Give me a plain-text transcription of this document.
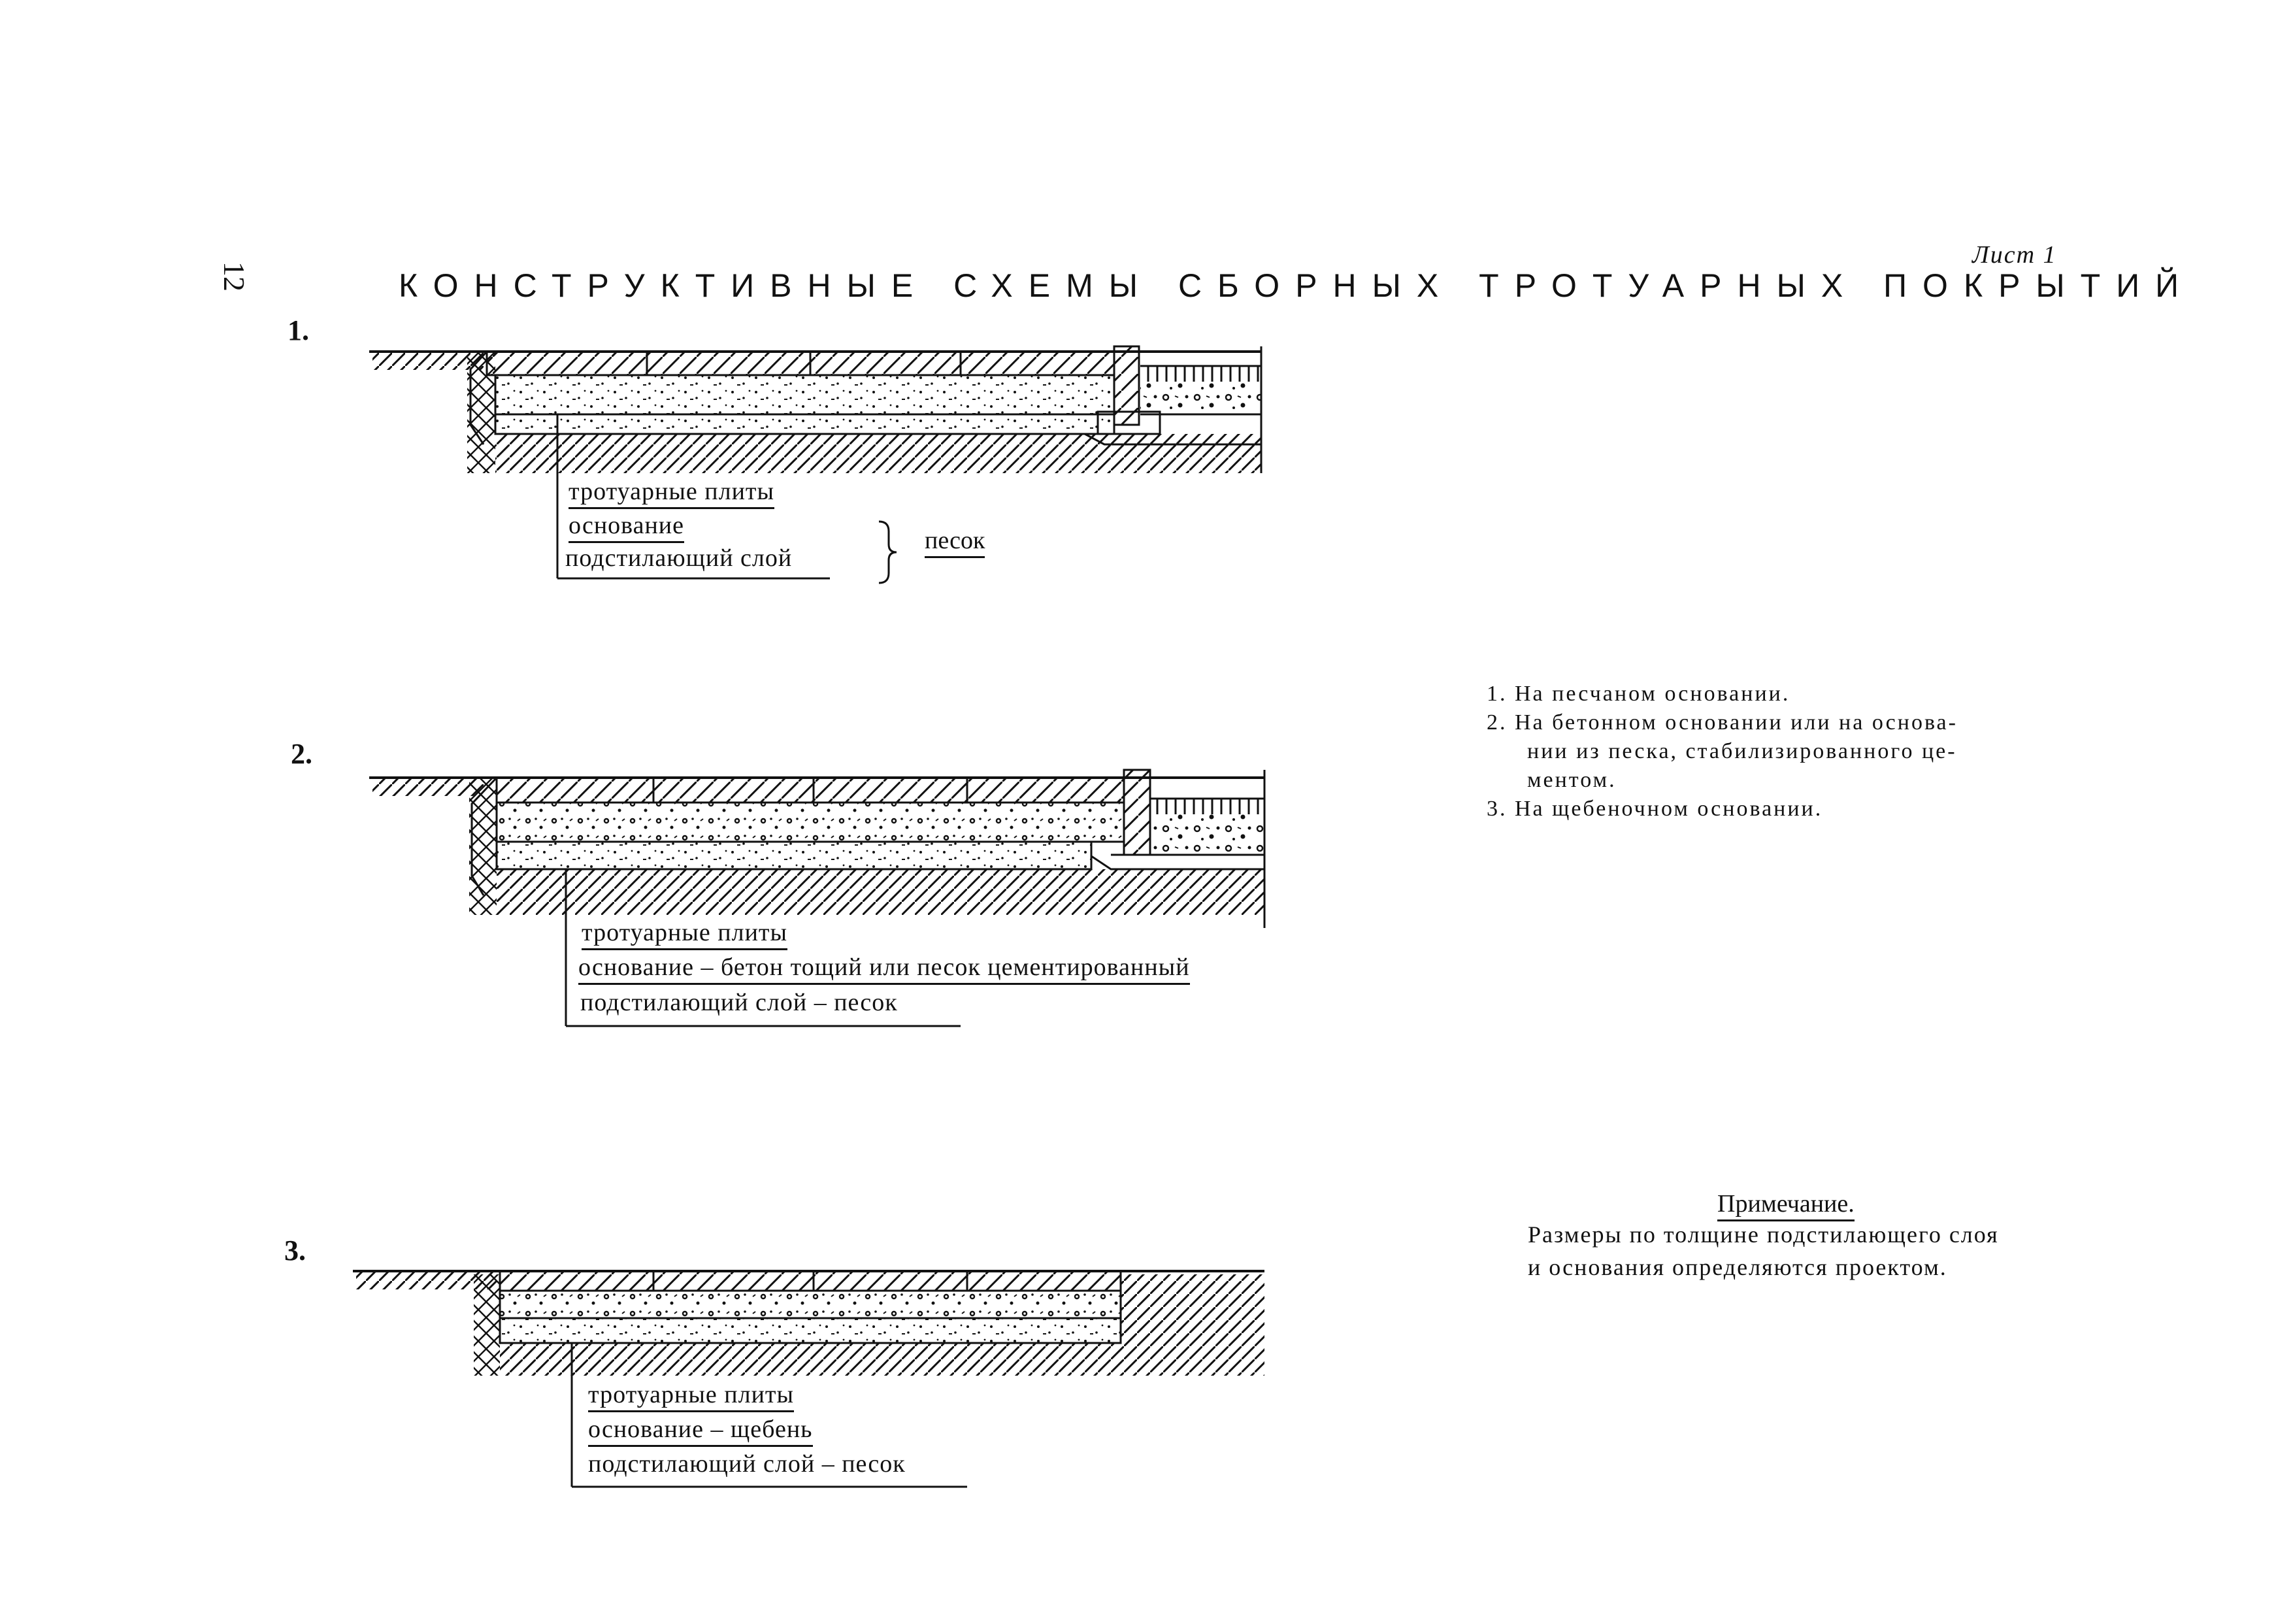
12
Лист 1
КОНСТРУКТИВНЫЕ СХЕМЫ СБОРНЫХ ТРОТУАРНЫХ ПОКРЫТИЙ
1.
2.
3.
тротуарные плиты
основание
подстилающий слой
песок
тротуарные плиты
основание – бетон тощий или песок цементированный
подстилающий слой – песок
тротуарные плиты
основание – щебень
подстилающий слой – песок
1. На песчаном основании.
2. На бетонном основании или на основа-
нии из песка, стабилизированного це-
ментом.
3. На щебеночном основании.
Примечание.
Размеры по толщине подстилающего слоя
и основания определяются проектом.
